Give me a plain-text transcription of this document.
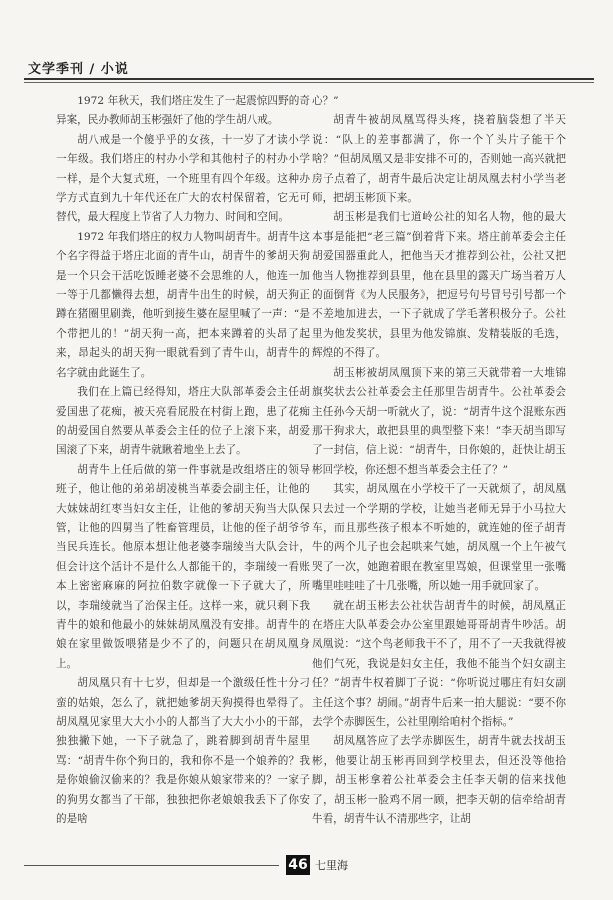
文学季刊 / 小说

1972 年秋天，我们塔庄发生了一起震惊四野的奇异案，民办教师胡玉彬强奸了他的学生胡八戒。

胡八戒是一个傻乎乎的女孩，十一岁了才读小学一年级。我们塔庄的村办小学和其他村子的村办小学一样，是个大复式班，一个班里有四个年级。这种办学方式直到九十年代还在广大的农村保留着，它无可替代，最大程度上节省了人力物力、时间和空间。

1972 年我们塔庄的权力人物叫胡青牛。胡青牛这个名字得益于塔庄北面的青牛山，胡青牛的爹胡天狗是一个只会干活吃饭睡老婆不会思维的人，他连一加一等于几都懒得去想，胡青牛出生的时候，胡天狗正蹲在猪圈里刷粪，他听到接生婆在屋里喊了一声：“是个带把儿的！”胡天狗一高，把本来蹲着的头昂了起来，昂起头的胡天狗一眼就看到了青牛山，胡青牛的名字就由此诞生了。

我们在上篇已经得知，塔庄大队部革委会主任胡爱国患了花痴，被天亮看屁股在村街上跑，患了花痴的胡爱国自然要从革委会主任的位子上滚下来，胡爱国滚了下来，胡青牛就瞅着地坐上去了。

胡青牛上任后做的第一件事就是改组塔庄的领导班子，他让他的弟弟胡凌桃当革委会副主任，让他的大妹妹胡红枣当妇女主任，让他的爹胡天狗当大队保管，让他的四舅当了牲畜管理员，让他的侄子胡爷爷当民兵连长。他原本想让他老婆李瑞绫当大队会计，但会计这个活计不是什么人都能干的，李瑞绫一看账本上密密麻麻的阿拉伯数字就像一下子就大了，所以，李瑞绫就当了治保主任。这样一来，就只剩下我青牛的娘和他最小的妹妹胡凤凰没有安排。胡青牛的娘在家里做饭喂猪是少不了的，问题只在胡凤凰身上。

胡凤凰只有十七岁，但却是一个激级任性十分刁蛮的姑娘，怎么了，就把她爹胡天狗摸得也晕得了。胡凤凰见家里大大小小的人都当了大大小小的干部，独独撇下她，一下子就急了，跳着脚到胡青牛屋里骂：“胡青牛你个狗日的，我和你不是一个娘养的？我是你娘偷汉偷来的？我是你娘从娘家带来的？一家子的狗男女都当了干部，独独把你老娘娘我丢下了你安的是啥

心？”

胡青牛被胡凤凰骂得头疼，挠着脑袋想了半天说：“队上的差事都满了，你一个丫头片子能干个啥？”但胡凤凰又是非安排不可的，否则她一高兴就把房子点着了，胡青牛最后决定让胡凤凰去村小学当老师，把胡玉彬顶下来。

胡玉彬是我们七道岭公社的知名人物，他的最大本事是能把“老三篇”倒着背下来。塔庄前革委会主任胡爱国器重此人，把他当天才推荐到公社，公社又把他当人物推荐到县里，他在县里的露天广场当着万人的面倒背《为人民服务》，把逗号句号冒号引号都一个不差地加进去，一下子就成了学毛著积极分子。公社里为他发奖状，县里为他发锦旗、发精装版的毛选，辉煌的不得了。

胡玉彬被胡凤凰顶下来的第三天就带着一大堆锦旗奖状去公社革委会主任那里告胡青牛。公社革委会主任孙今天胡一听就火了，说：“胡青牛这个混账东西那干狗求大，敢把县里的典型整下来！”李天胡当即写了一封信，信上说：“胡青牛，日你娘的，赶快让胡玉彬回学校，你还想不想当革委会主任了？”

其实，胡凤凰在小学校干了一天就烦了，胡凤凰只去过一个学期的学校，让她当老师无异于小马拉大车，而且那些孩子根本不听她的，就连她的侄子胡青牛的两个儿子也会起哄来气她，胡凤凰一个上午被气哭了一次，她跑着眼在教室里骂娘，但课堂里一张嘴嘴里哇哇哇了十几张嘴，所以她一用手就回家了。

就在胡玉彬去公社状告胡青牛的时候，胡凤凰正在塔庄大队革委会办公室里跟她哥哥胡青牛吵活。胡凤凰说：“这个鸟老师我干不了，用不了一天我就得被他们气死，我说是妇女主任，我他不能当个妇女副主任？”胡青牛权着脚丁子说：“你听说过哪庄有妇女副主任这个事？胡闹。”胡青牛后来一拍大腿说：“要不你去学个赤脚医生，公社里刚给咱村个指标。”

胡凤凰答应了去学赤脚医生，胡青牛就去找胡玉彬，他要让胡玉彬再回到学校里去，但还没等他拾脚，胡玉彬拿着公社革委会主任李天朝的信来找他了，胡玉彬一脸鸡不屑一顾，把李天朝的信牵给胡青牛看，胡青牛认不清那些字，让胡

46 七里海
